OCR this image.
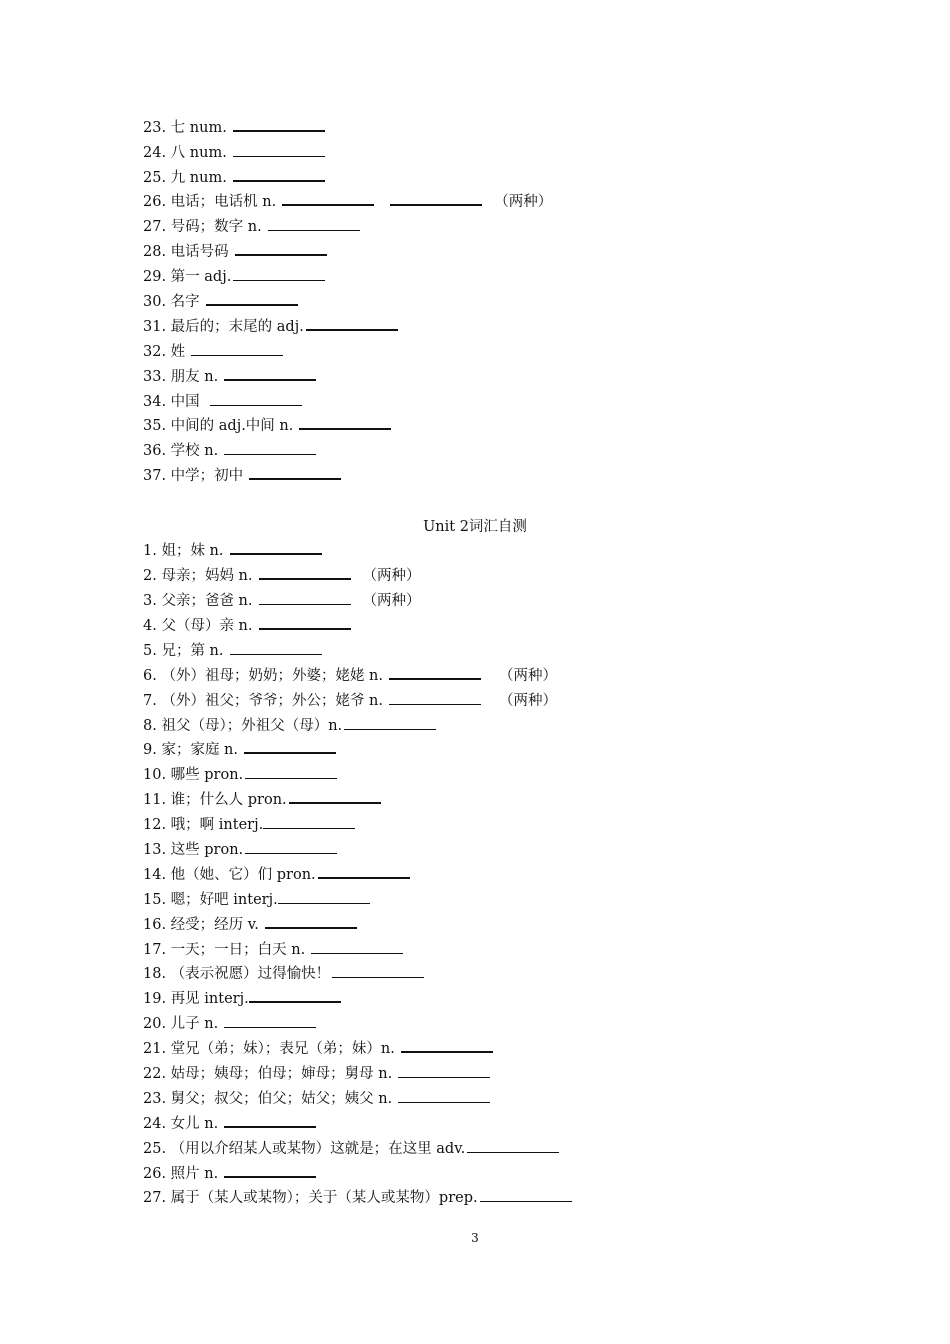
23. 七 num.
24. 八 num.
25. 九 num.
26. 电话；电话机 n.	（两种）
27. 号码；数字 n.
28. 电话号码
29. 第一 adj.
30. 名字
31. 最后的；末尾的 adj.
32. 姓
33. 朋友 n.
34. 中国
35. 中间的 adj.中间 n.
36. 学校 n.
37. 中学；初中
Unit 2词汇自测
1. 姐；妹 n.
2. 母亲；妈妈 n.	（两种）
3. 父亲；爸爸 n.	（两种）
4. 父（母）亲 n.
5. 兄；第 n.
6. （外）祖母；奶奶；外婆；姥姥 n.	（两种）
7. （外）祖父；爷爷；外公；姥爷 n.	（两种）
8. 祖父（母）；外祖父（母）n.
9. 家；家庭 n.
10. 哪些 pron.
11. 谁；什么人 pron.
12. 哦；啊 interj.
13. 这些 pron.
14. 他（她、它）们 pron.
15. 嗯；好吧 interj.
16. 经受；经历 v.
17. 一天；一日；白天 n.
18. （表示祝愿）过得愉快！
19. 再见 interj.
20. 儿子 n.
21. 堂兄（弟；妹）；表兄（弟；妹）n.
22. 姑母；姨母；伯母；婶母；舅母 n.
23. 舅父；叔父；伯父；姑父；姨父 n.
24. 女儿 n.
25. （用以介绍某人或某物）这就是；在这里 adv.
26. 照片 n.
27. 属于（某人或某物）；关于（某人或某物）prep.
3
